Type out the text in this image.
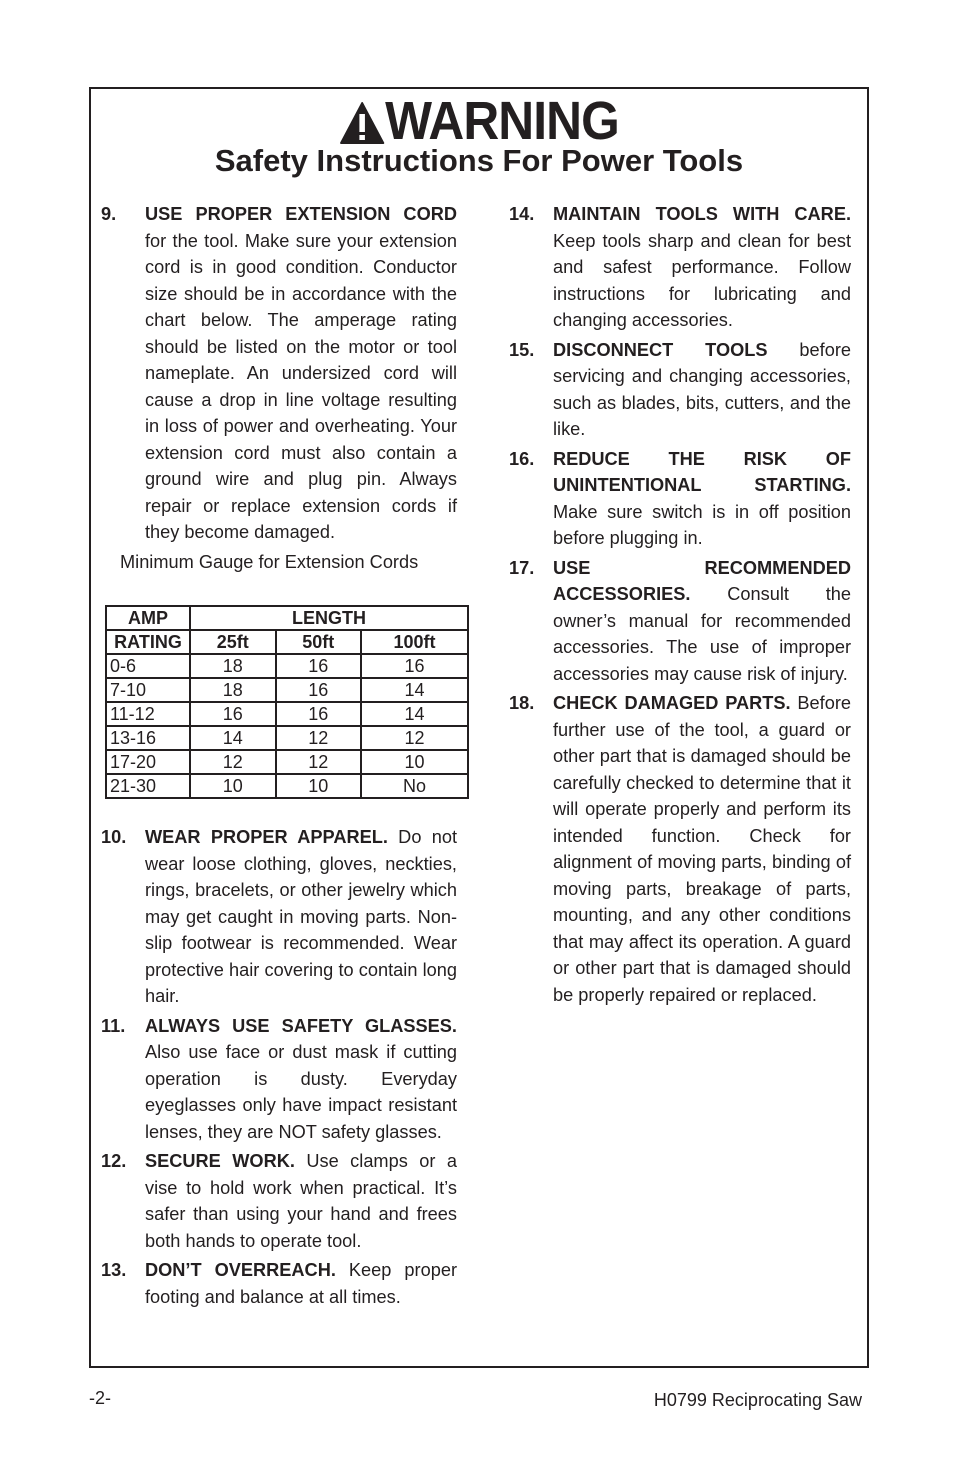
WARNING
Safety Instructions For Power Tools
9.	USE PROPER EXTENSION CORD for the tool. Make sure your extension cord is in good condition. Conductor size should be in accordance with the chart below. The amperage rating should be listed on the motor or tool nameplate. An undersized cord will cause a drop in line voltage resulting in loss of power and overheating. Your extension cord must also contain a ground wire and plug pin. Always repair or replace extension cords if they become damaged.
Minimum Gauge for Extension Cords
AMP	LENGTH		
RATING	25ft	50ft	100ft
0-6	18	16	16
7-10	18	16	14
11-12	16	16	14
13-16	14	12	12
17-20	12	12	10
21-30	10	10	No
10.	WEAR PROPER APPAREL. Do not wear loose clothing, gloves, neckties, rings, bracelets, or other jewelry which may get caught in moving parts. Non-slip footwear is recommended. Wear protective hair covering to contain long hair.
11.	ALWAYS USE SAFETY GLASSES. Also use face or dust mask if cutting operation is dusty. Everyday eyeglasses only have impact resistant lenses, they are NOT safety glasses.
12.	SECURE WORK. Use clamps or a vise to hold work when practical. It’s safer than using your hand and frees both hands to operate tool.
13.	DON’T OVERREACH. Keep proper footing and balance at all times.
14.	MAINTAIN TOOLS WITH CARE. Keep tools sharp and clean for best and safest performance. Follow instructions for lubricating and changing accessories.
15.	DISCONNECT TOOLS before servicing and changing accessories, such as blades, bits, cutters, and the like.
16.	REDUCE THE RISK OF UNINTENTIONAL STARTING. Make sure switch is in off position before plugging in.
17.	USE RECOMMENDED ACCESSORIES. Consult the owner’s manual for recommended accessories. The use of improper accessories may cause risk of injury.
18.	CHECK DAMAGED PARTS. Before further use of the tool, a guard or other part that is damaged should be carefully checked to determine that it will operate properly and perform its intended function. Check for alignment of moving parts, binding of moving parts, breakage of parts, mounting, and any other conditions that may affect its operation. A guard or other part that is damaged should be properly repaired or replaced.
-2-	H0799 Reciprocating Saw
